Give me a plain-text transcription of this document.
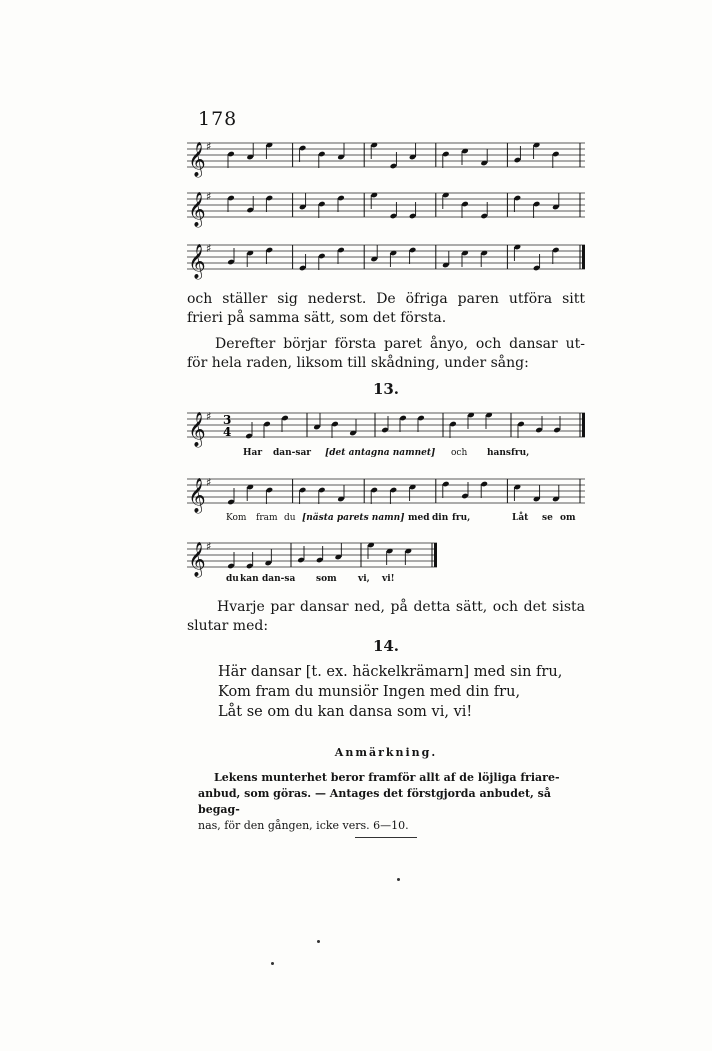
178
𝄞 ♯
𝄞 ♯
𝄞 ♯
och ställer sig nederst. De öfriga paren utföra sitt
frieri på samma sätt, som det första.
Derefter börjar första paret ånyo, och dansar ut-
för hela raden, liksom till skådning, under sång:
13.
𝄞 ♯ 3
4
Har dan-sar [det antagna namnet] och hans fru,
𝄞 ♯
Kom fram du [nästa parets namn] med din fru,	Låt se om
𝄞 ♯
du kan dan-sa som vi, vi!
Hvarje par dansar ned, på detta sätt, och det sista
slutar med:
14.
Här dansar [t. ex. häckelkrämarn] med sin fru,
Kom fram du munsiör Ingen med din fru,
Låt se om du kan dansa som vi, vi!
Anmärkning.
Lekens munterhet beror framför allt af de löjliga friare-
anbud, som göras. — Antages det förstgjorda anbudet, så begag-
nas, för den gången, icke vers. 6—10.
